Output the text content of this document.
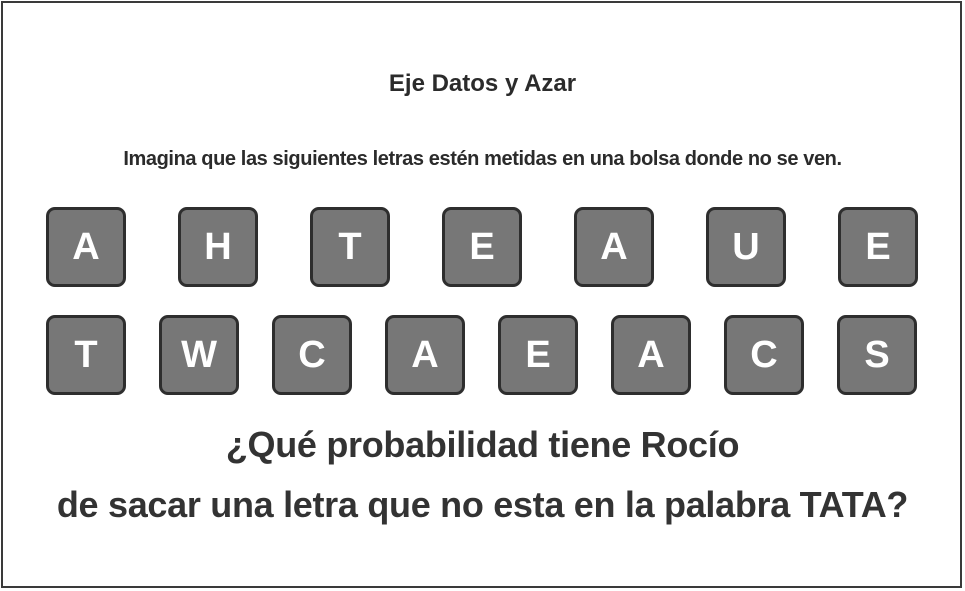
Eje Datos y Azar
Imagina que las siguientes letras estén metidas en una bolsa donde no se ven.
A	H	T	E	A	U	E
T	W	C	A	E	A	C	S
¿Qué probabilidad tiene Rocío
de sacar una letra que no esta en la palabra TATA?
